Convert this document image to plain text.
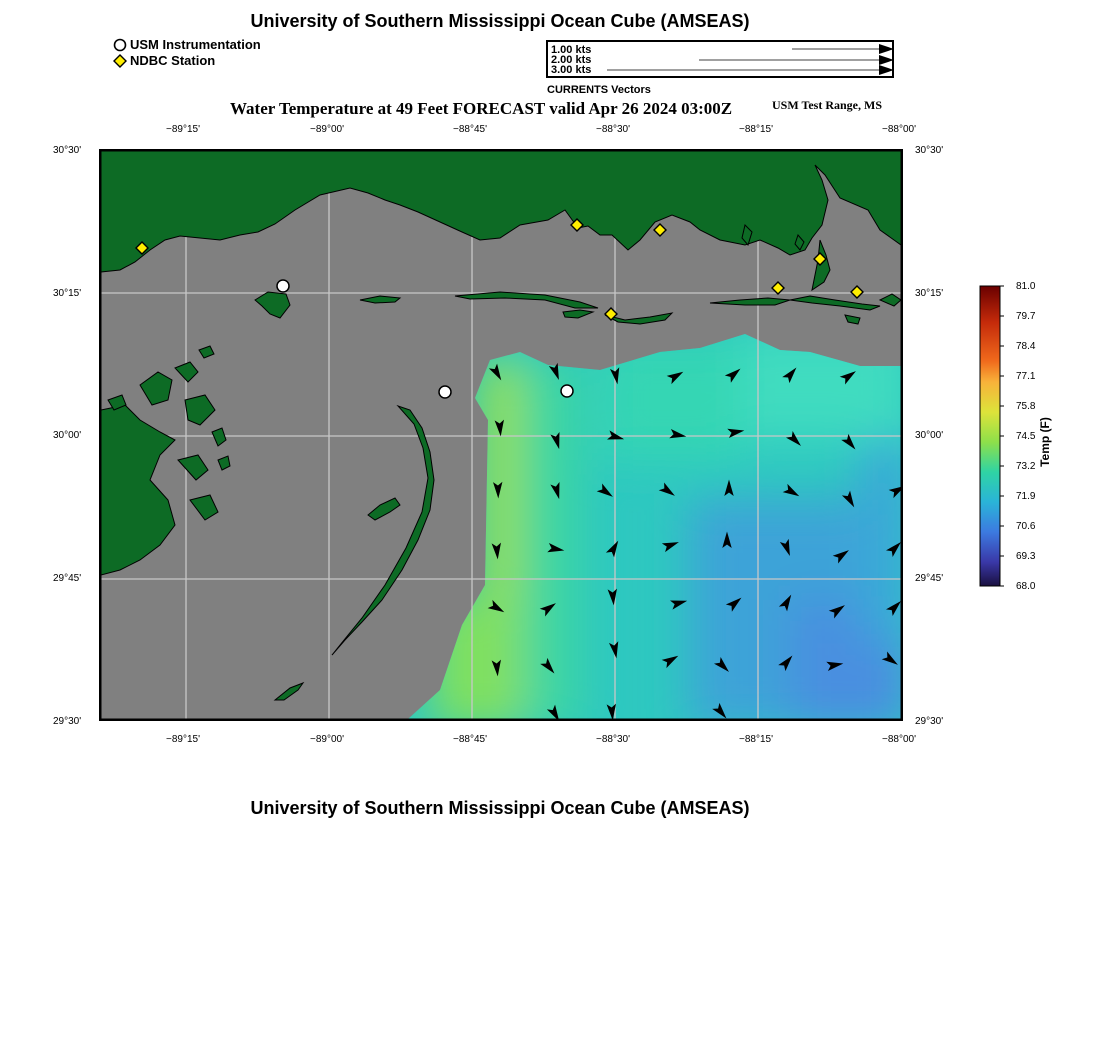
University of Southern Mississippi Ocean Cube (AMSEAS)
USM Instrumentation
NDBC Station
1.00 kts
2.00 kts
3.00 kts
CURRENTS Vectors
Water Temperature at 49 Feet FORECAST valid Apr 26 2024 03:00Z	USM Test Range, MS
−89°15'	−89°00'	−88°45'	−88°30'	−88°15'	−88°00'
−89°15'	−89°00'	−88°45'	−88°30'	−88°15'	−88°00'
30°30'
30°15'
30°00'
29°45'
29°30'
30°30'
30°15'
30°00'
29°45'
29°30'
81.0
79.7
78.4
77.1
75.8
74.5
73.2
71.9
70.6
69.3
68.0
Temp (F)
University of Southern Mississippi Ocean Cube (AMSEAS)
